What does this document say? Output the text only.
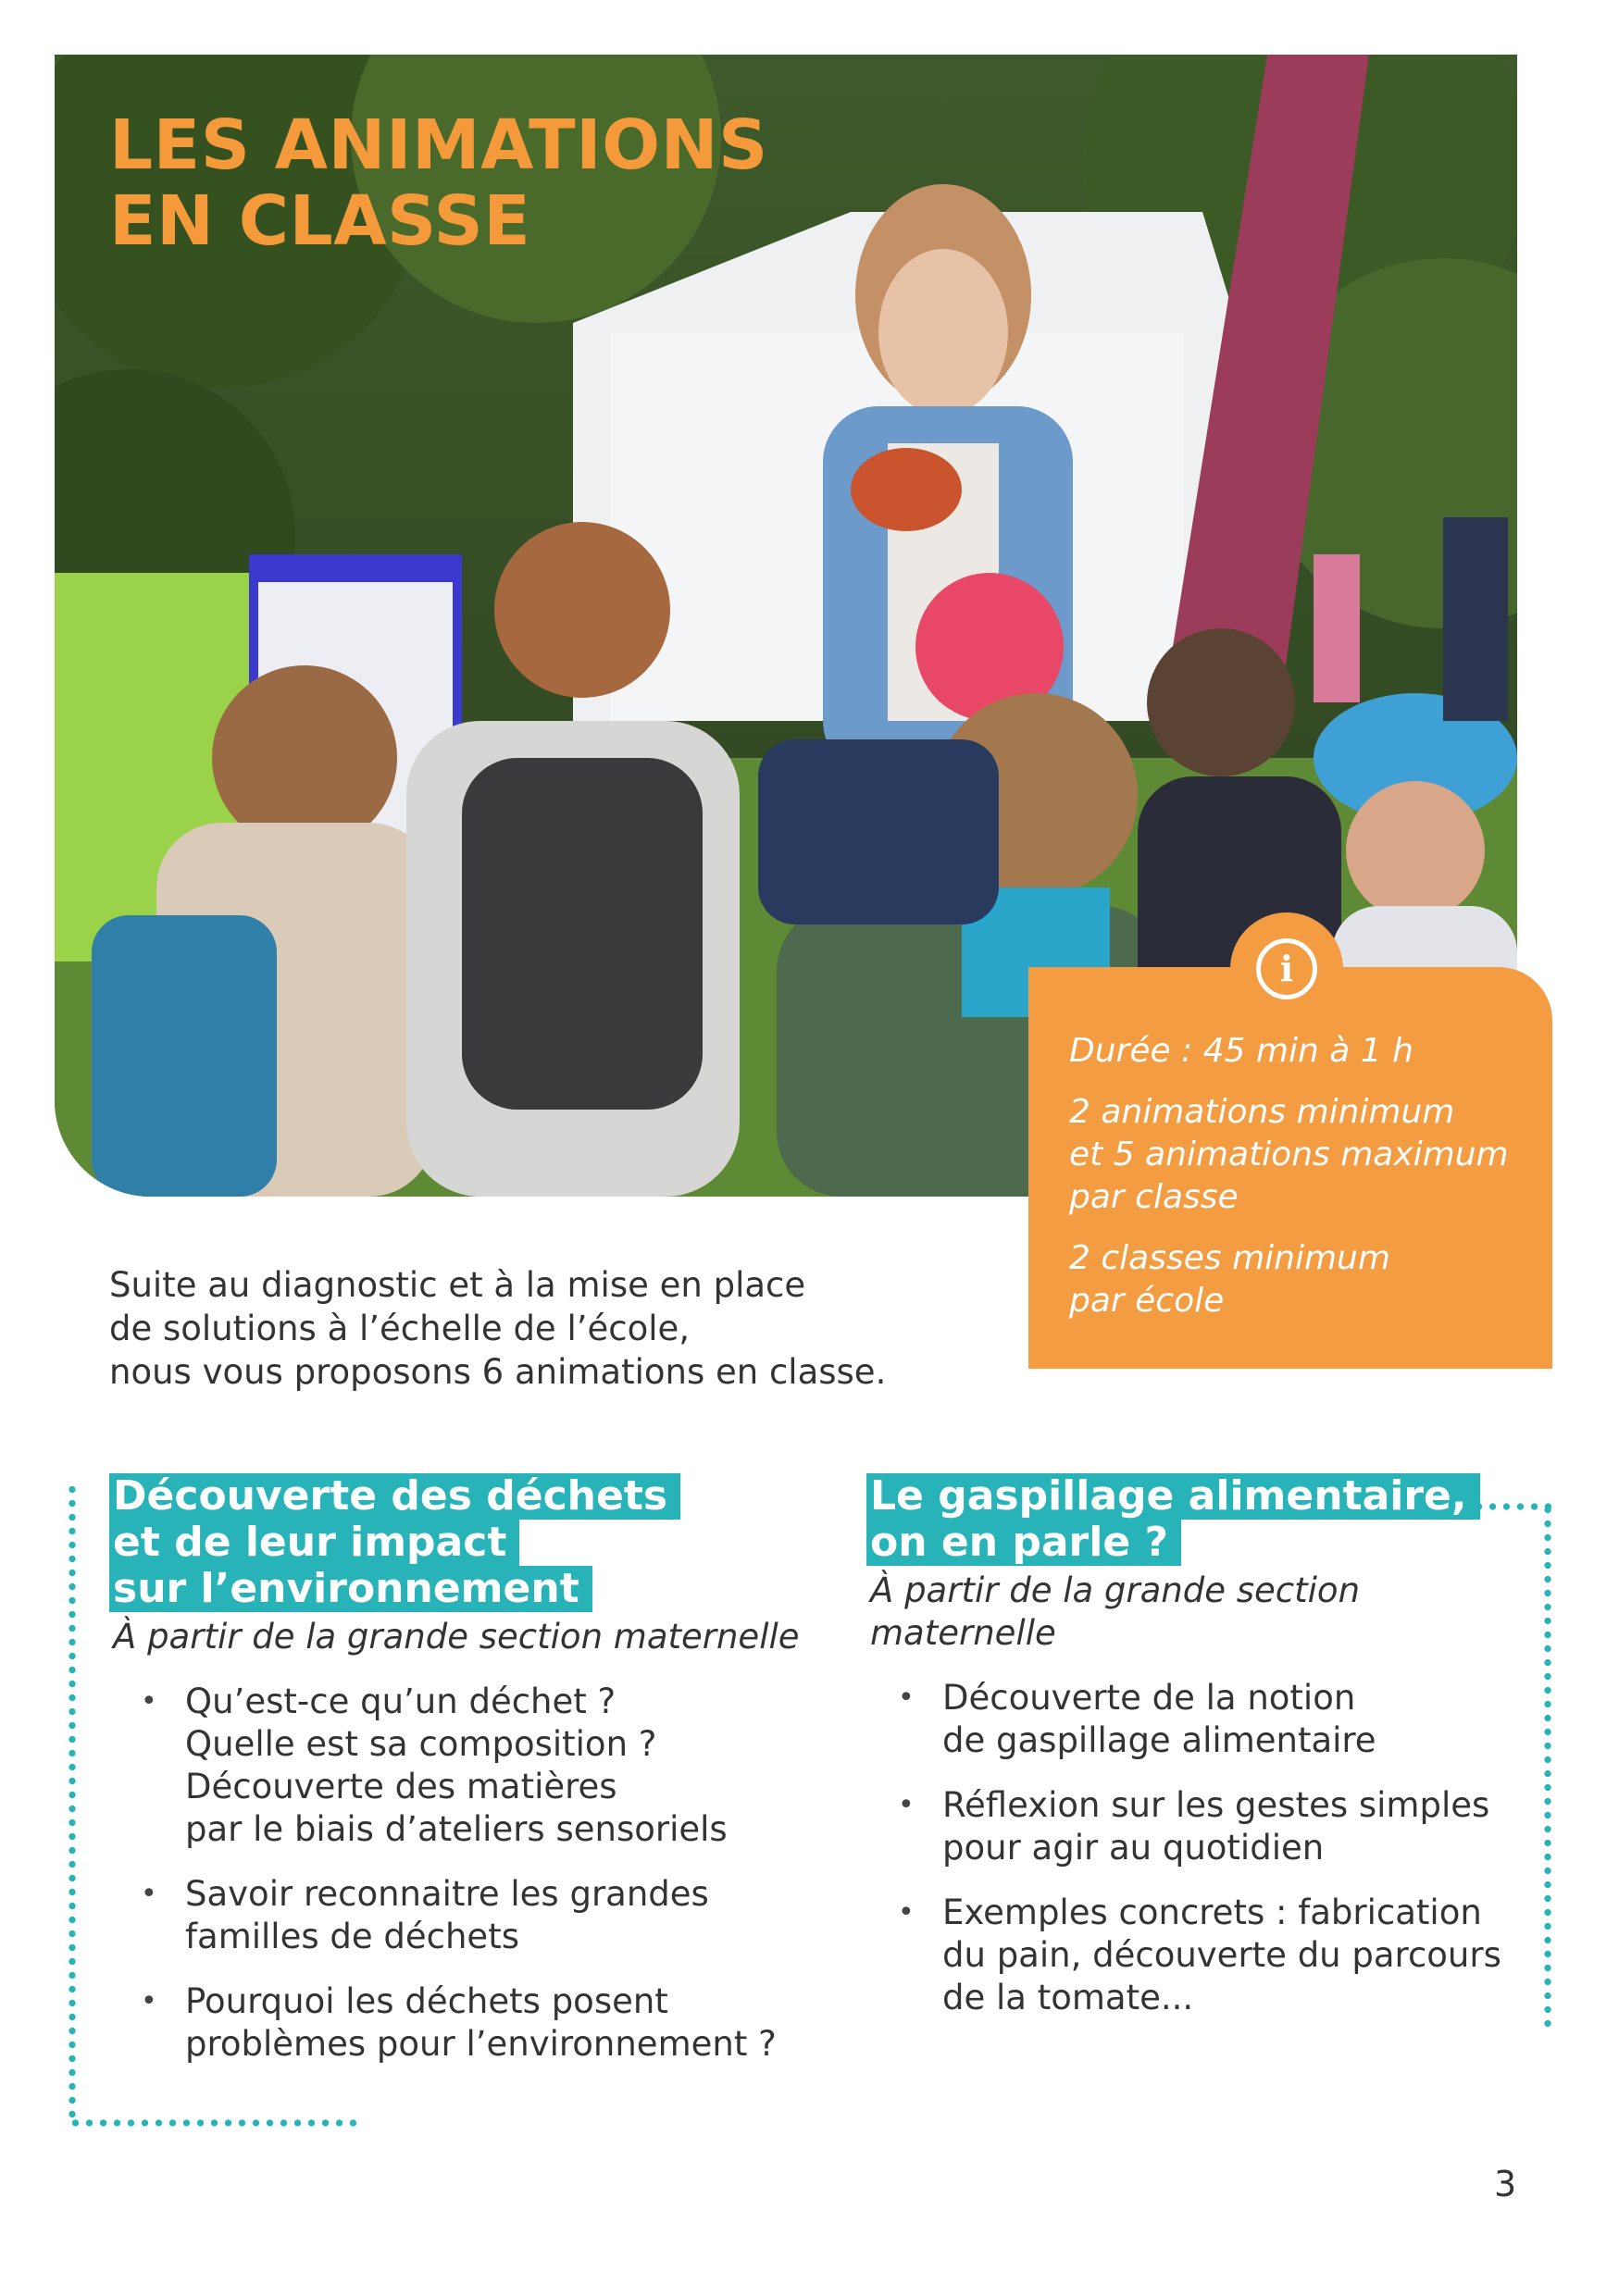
LES ANIMATIONS
EN CLASSE

Durée : 45 min à 1 h

2 animations minimum
et 5 animations maximum
par classe

2 classes minimum
par école

i

Suite au diagnostic et à la mise en place
de solutions à l’échelle de l’école,
nous vous proposons 6 animations en classe.

Découverte des déchets
et de leur impact
sur l’environnement

À partir de la grande section maternelle

• Qu’est-ce qu’un déchet ?
Quelle est sa composition ?
Découverte des matières
par le biais d’ateliers sensoriels
• Savoir reconnaitre les grandes
familles de déchets
• Pourquoi les déchets posent
problèmes pour l’environnement ?
Le gaspillage alimentaire,
on en parle ?

À partir de la grande section
maternelle

• Découverte de la notion
de gaspillage alimentaire
• Réflexion sur les gestes simples
pour agir au quotidien
• Exemples concrets : fabrication
du pain, découverte du parcours
de la tomate...
3
